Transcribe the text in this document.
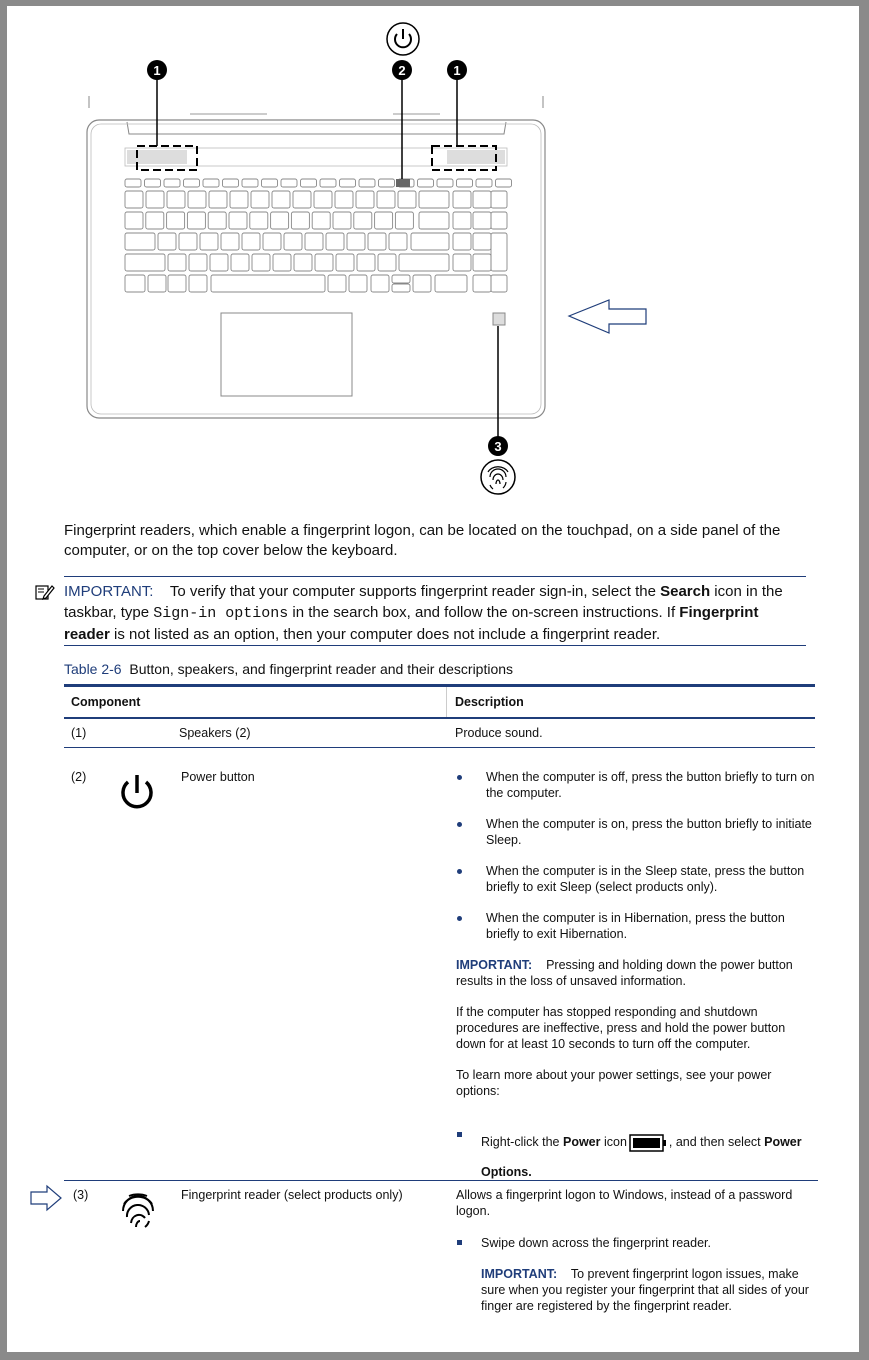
1	2	1
3
Fingerprint readers, which enable a fingerprint logon, can be located on the touchpad, on a side panel of the computer, or on the top cover below the keyboard.
IMPORTANT: To verify that your computer supports fingerprint reader sign-in, select the Search icon in the taskbar, type Sign-in options in the search box, and follow the on-screen instructions. If Fingerprint reader is not listed as an option, then your computer does not include a fingerprint reader.
Table 2-6 Button, speakers, and fingerprint reader and their descriptions
Component	Description
(1)	Speakers (2)	Produce sound.
(2)	Power button	When the computer is off, press the button briefly to turn on the computer.
When the computer is on, press the button briefly to initiate Sleep.
When the computer is in the Sleep state, press the button briefly to exit Sleep (select products only).
When the computer is in Hibernation, press the button briefly to exit Hibernation.
IMPORTANT: Pressing and holding down the power button results in the loss of unsaved information.
If the computer has stopped responding and shutdown procedures are ineffective, press and hold the power button down for at least 10 seconds to turn off the computer.
To learn more about your power settings, see your power options:
Right-click the Power icon	, and then select Power Options.
(3)	Fingerprint reader (select products only)	Allows a fingerprint logon to Windows, instead of a password logon.
Swipe down across the fingerprint reader.
IMPORTANT: To prevent fingerprint logon issues, make sure when you register your fingerprint that all sides of your finger are registered by the fingerprint reader.
